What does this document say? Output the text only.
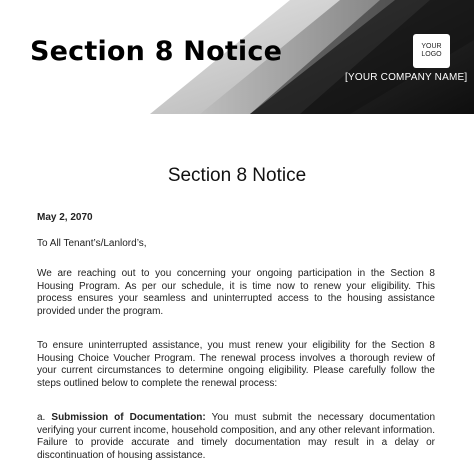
Section 8 Notice	YOUR
LOGO
[YOUR COMPANY NAME]
Section 8 Notice

May 2, 2070

To All Tenant’s/Lanlord’s,

We are reaching out to you concerning your ongoing participation in the Section 8 Housing Program. As per our schedule, it is time now to renew your eligibility. This process ensures your seamless and uninterrupted access to the housing assistance provided under the program.

To ensure uninterrupted assistance, you must renew your eligibility for the Section 8 Housing Choice Voucher Program. The renewal process involves a thorough review of your current circumstances to determine ongoing eligibility. Please carefully follow the steps outlined below to complete the renewal process:

a. Submission of Documentation: You must submit the necessary documentation verifying your current income, household composition, and any other relevant information. Failure to provide accurate and timely documentation may result in a delay or discontinuation of housing assistance.
